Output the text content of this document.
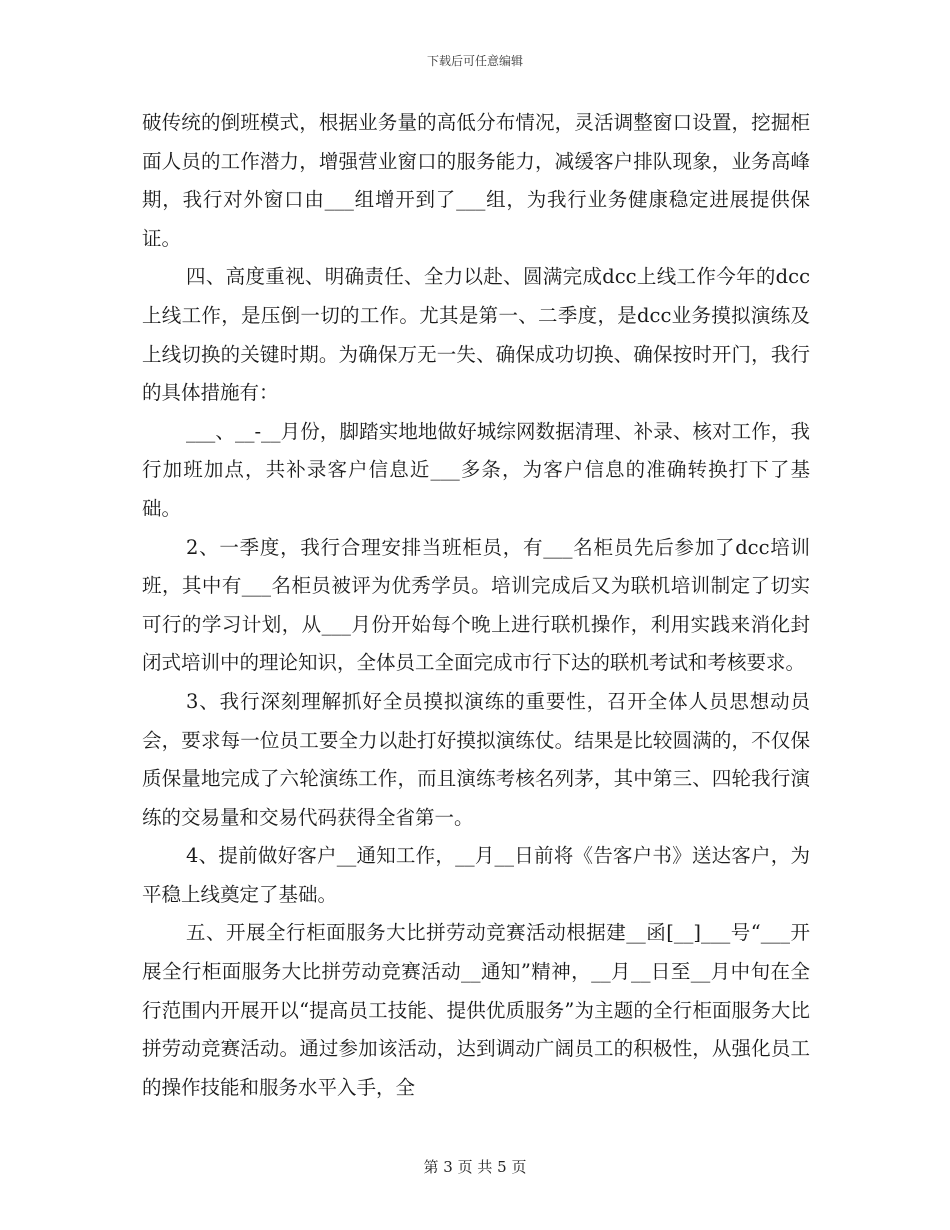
下载后可任意编辑

破传统的倒班模式，根据业务量的高低分布情况，灵活调整窗口设置，挖掘柜面人员的工作潜力，增强营业窗口的服务能力，减缓客户排队现象，业务高峰期，我行对外窗口由___组增开到了___组，为我行业务健康稳定进展提供保证。

四、高度重视、明确责任、全力以赴、圆满完成dcc上线工作今年的dcc上线工作，是压倒一切的工作。尤其是第一、二季度，是dcc业务摸拟演练及上线切换的关键时期。为确保万无一失、确保成功切换、确保按时开门，我行的具体措施有：

___、__-__月份，脚踏实地地做好城综网数据清理、补录、核对工作，我行加班加点，共补录客户信息近___多条，为客户信息的准确转换打下了基础。

2、一季度，我行合理安排当班柜员，有___名柜员先后参加了dcc培训班，其中有___名柜员被评为优秀学员。培训完成后又为联机培训制定了切实可行的学习计划，从___月份开始每个晚上进行联机操作，利用实践来消化封闭式培训中的理论知识，全体员工全面完成市行下达的联机考试和考核要求。

3、我行深刻理解抓好全员摸拟演练的重要性，召开全体人员思想动员会，要求每一位员工要全力以赴打好摸拟演练仗。结果是比较圆满的，不仅保质保量地完成了六轮演练工作，而且演练考核名列茅，其中第三、四轮我行演练的交易量和交易代码获得全省第一。

4、提前做好客户__通知工作，__月__日前将《告客户书》送达客户，为平稳上线奠定了基础。

五、开展全行柜面服务大比拼劳动竞赛活动根据建__函[__]___号“___开展全行柜面服务大比拼劳动竞赛活动__通知”精神，__月__日至__月中旬在全行范围内开展开以“提高员工技能、提供优质服务”为主题的全行柜面服务大比拼劳动竞赛活动。通过参加该活动，达到调动广阔员工的积极性，从强化员工的操作技能和服务水平入手，全

第 3 页 共 5 页
